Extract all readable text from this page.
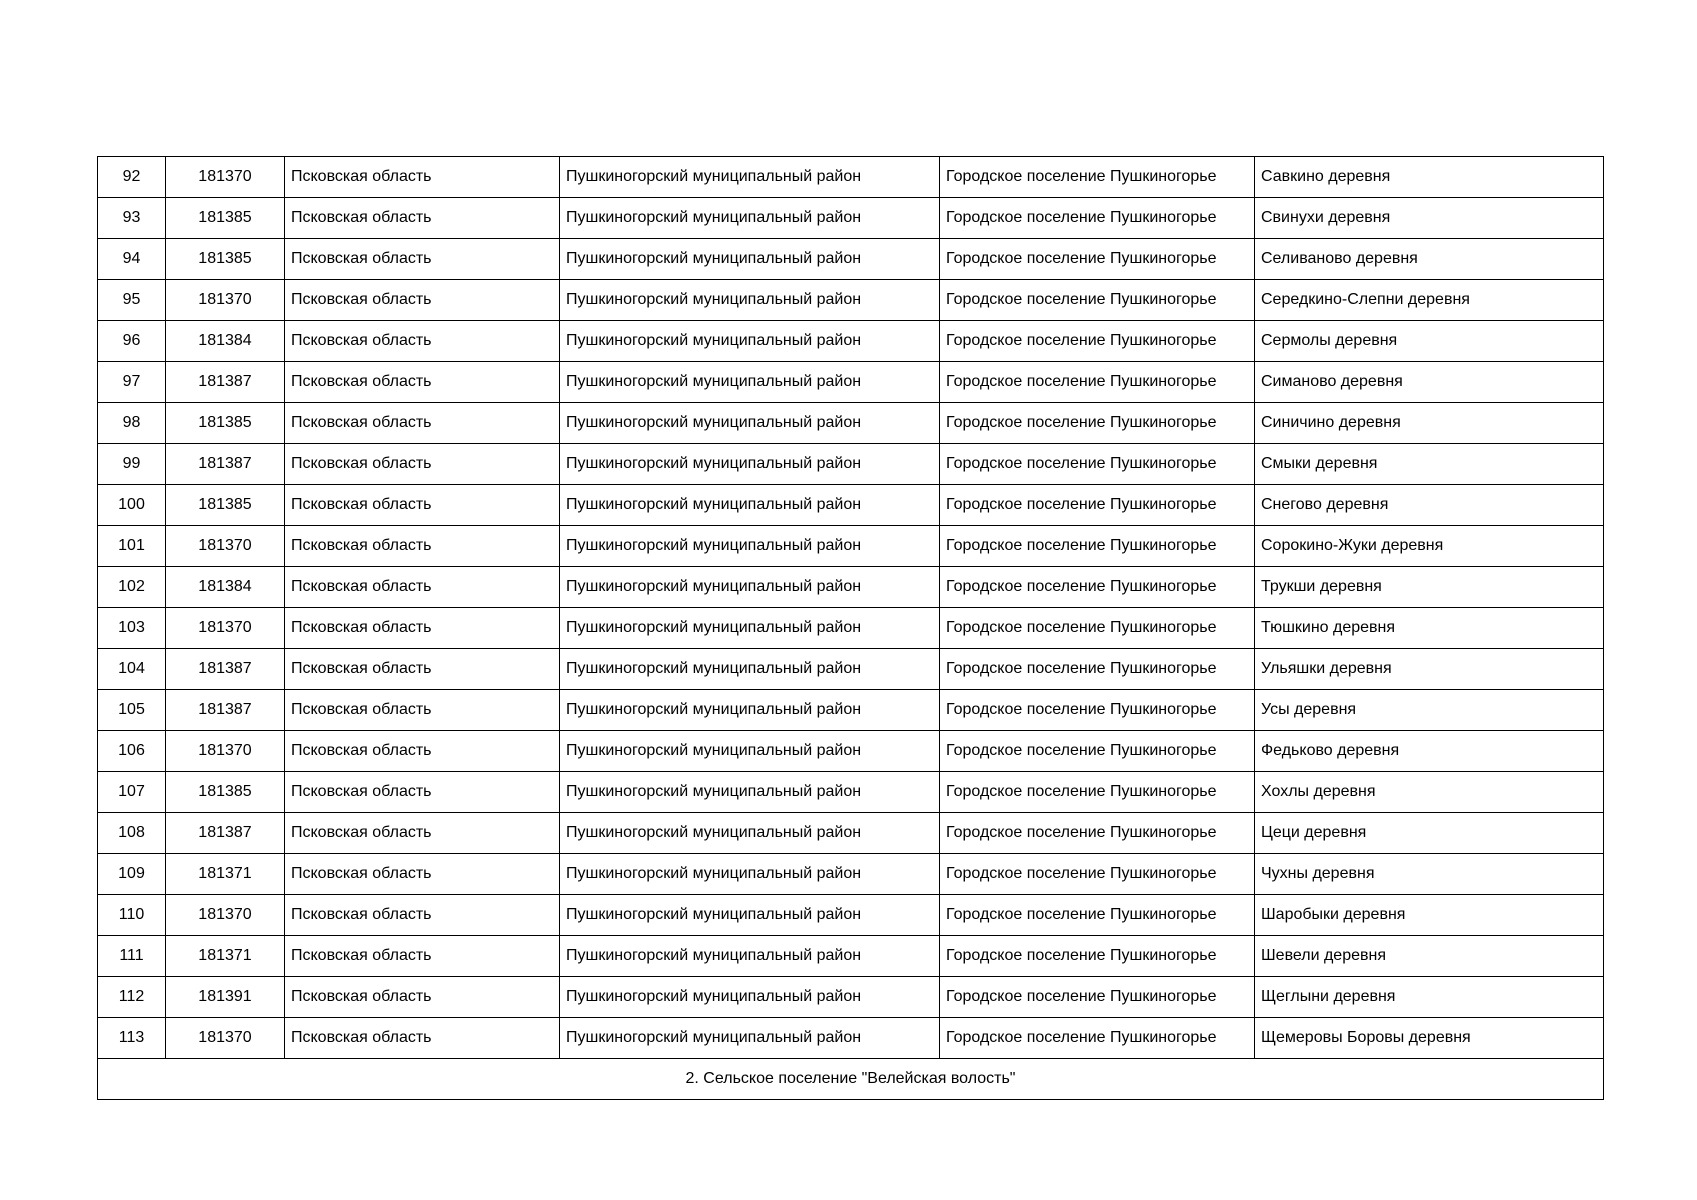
92	181370	Псковская область	Пушкиногорский муниципальный район	Городское поселение Пушкиногорье	Савкино деревня
93	181385	Псковская область	Пушкиногорский муниципальный район	Городское поселение Пушкиногорье	Свинухи деревня
94	181385	Псковская область	Пушкиногорский муниципальный район	Городское поселение Пушкиногорье	Селиваново деревня
95	181370	Псковская область	Пушкиногорский муниципальный район	Городское поселение Пушкиногорье	Середкино-Слепни деревня
96	181384	Псковская область	Пушкиногорский муниципальный район	Городское поселение Пушкиногорье	Сермолы деревня
97	181387	Псковская область	Пушкиногорский муниципальный район	Городское поселение Пушкиногорье	Симаново деревня
98	181385	Псковская область	Пушкиногорский муниципальный район	Городское поселение Пушкиногорье	Синичино деревня
99	181387	Псковская область	Пушкиногорский муниципальный район	Городское поселение Пушкиногорье	Смыки деревня
100	181385	Псковская область	Пушкиногорский муниципальный район	Городское поселение Пушкиногорье	Снегово деревня
101	181370	Псковская область	Пушкиногорский муниципальный район	Городское поселение Пушкиногорье	Сорокино-Жуки деревня
102	181384	Псковская область	Пушкиногорский муниципальный район	Городское поселение Пушкиногорье	Трукши деревня
103	181370	Псковская область	Пушкиногорский муниципальный район	Городское поселение Пушкиногорье	Тюшкино деревня
104	181387	Псковская область	Пушкиногорский муниципальный район	Городское поселение Пушкиногорье	Ульяшки деревня
105	181387	Псковская область	Пушкиногорский муниципальный район	Городское поселение Пушкиногорье	Усы деревня
106	181370	Псковская область	Пушкиногорский муниципальный район	Городское поселение Пушкиногорье	Федьково деревня
107	181385	Псковская область	Пушкиногорский муниципальный район	Городское поселение Пушкиногорье	Хохлы деревня
108	181387	Псковская область	Пушкиногорский муниципальный район	Городское поселение Пушкиногорье	Цеци деревня
109	181371	Псковская область	Пушкиногорский муниципальный район	Городское поселение Пушкиногорье	Чухны деревня
110	181370	Псковская область	Пушкиногорский муниципальный район	Городское поселение Пушкиногорье	Шаробыки деревня
111	181371	Псковская область	Пушкиногорский муниципальный район	Городское поселение Пушкиногорье	Шевели деревня
112	181391	Псковская область	Пушкиногорский муниципальный район	Городское поселение Пушкиногорье	Щеглыни деревня
113	181370	Псковская область	Пушкиногорский муниципальный район	Городское поселение Пушкиногорье	Щемеровы Боровы деревня
2. Сельское поселение "Велейская волость"					
